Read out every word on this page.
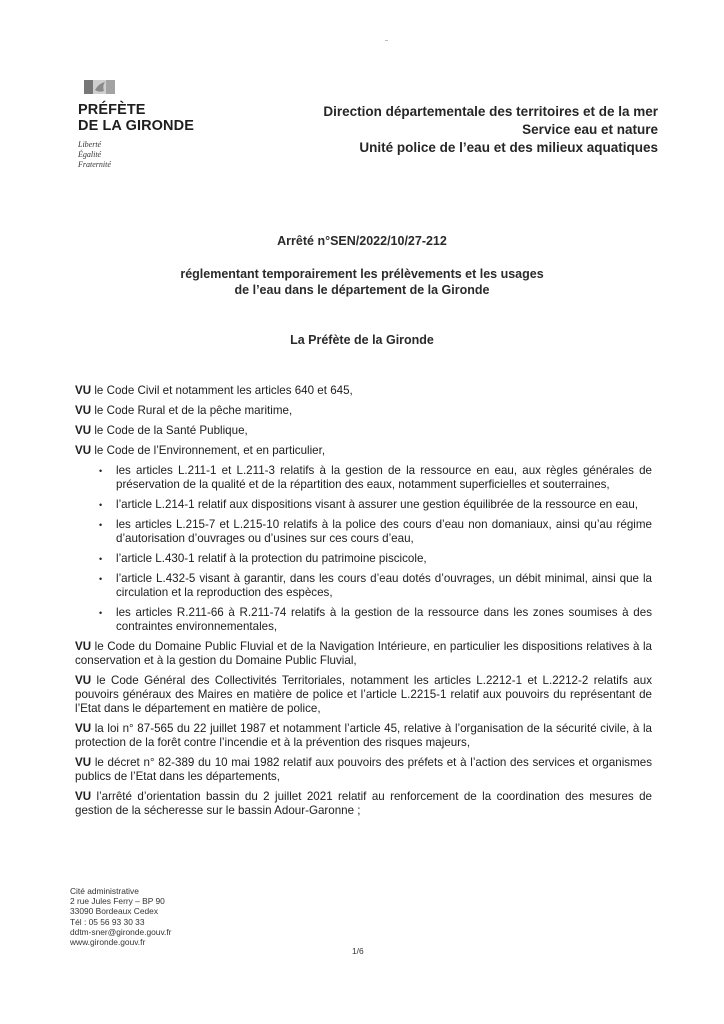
PRÉFÈTE
DE LA GIRONDE
Liberté
Égalité
Fraternité
Direction départementale des territoires et de la mer
Service eau et nature
Unité police de l’eau et des milieux aquatiques
Arrêté n°SEN/2022/10/27-212
réglementant temporairement les prélèvements et les usages
de l’eau dans le département de la Gironde
La Préfète de la Gironde
VU le Code Civil et notamment les articles 640 et 645,
VU le Code Rural et de la pêche maritime,
VU le Code de la Santé Publique,
VU le Code de l’Environnement, et en particulier,
• les articles L.211-1 et L.211-3 relatifs à la gestion de la ressource en eau, aux règles générales de préservation de la qualité et de la répartition des eaux, notamment superficielles et souterraines,
• l’article L.214-1 relatif aux dispositions visant à assurer une gestion équilibrée de la ressource en eau,
• les articles L.215-7 et L.215-10 relatifs à la police des cours d’eau non domaniaux, ainsi qu’au régime d’autorisation d’ouvrages ou d’usines sur ces cours d’eau,
• l’article L.430-1 relatif à la protection du patrimoine piscicole,
• l’article L.432-5 visant à garantir, dans les cours d’eau dotés d’ouvrages, un débit minimal, ainsi que la circulation et la reproduction des espèces,
• les articles R.211-66 à R.211-74 relatifs à la gestion de la ressource dans les zones soumises à des contraintes environnementales,
VU le Code du Domaine Public Fluvial et de la Navigation Intérieure, en particulier les dispositions relatives à la conservation et à la gestion du Domaine Public Fluvial,
VU le Code Général des Collectivités Territoriales, notamment les articles L.2212-1 et L.2212-2 relatifs aux pouvoirs généraux des Maires en matière de police et l’article L.2215-1 relatif aux pouvoirs du représentant de l’Etat dans le département en matière de police,
VU la loi n° 87-565 du 22 juillet 1987 et notamment l’article 45, relative à l’organisation de la sécurité civile, à la protection de la forêt contre l’incendie et à la prévention des risques majeurs,
VU le décret n° 82-389 du 10 mai 1982 relatif aux pouvoirs des préfets et à l’action des services et organismes publics de l’Etat dans les départements,
VU l’arrêté d’orientation bassin du 2 juillet 2021 relatif au renforcement de la coordination des mesures de gestion de la sécheresse sur le bassin Adour-Garonne ;
Cité administrative
2 rue Jules Ferry – BP 90
33090 Bordeaux Cedex
Tél : 05 56 93 30 33
ddtm-sner@gironde.gouv.fr
www.gironde.gouv.fr
1/6
